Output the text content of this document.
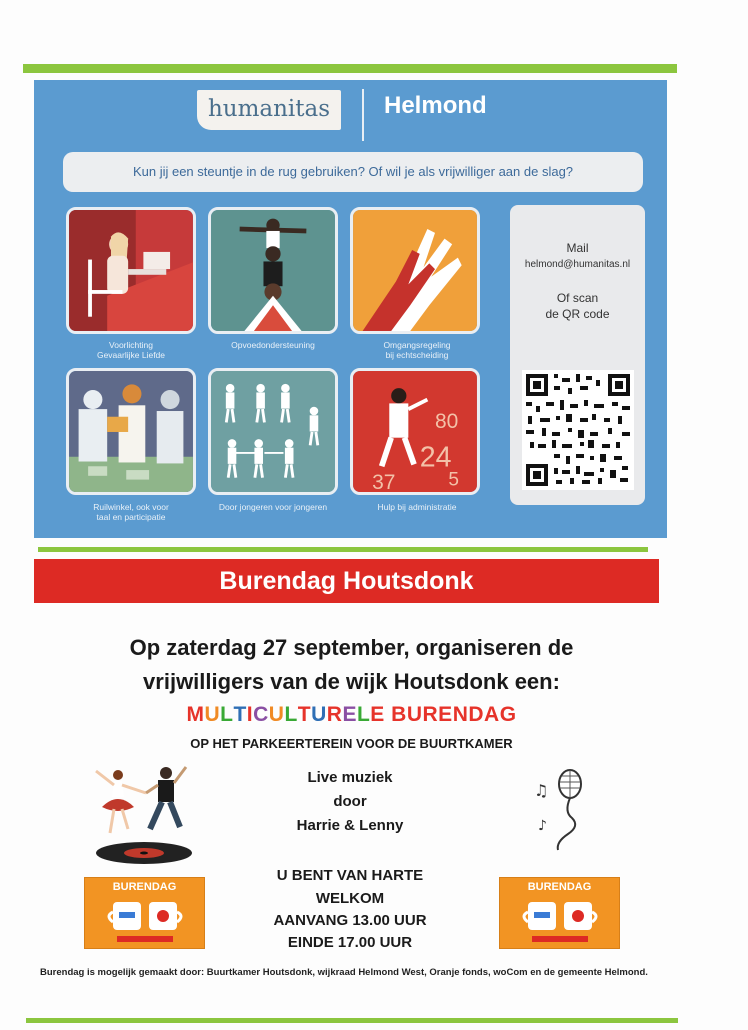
humanitas	Helmond
Kun jij een steuntje in de rug gebruiken? Of wil je als vrijwilliger aan de slag?
Voorlichting
Gevaarlijke Liefde
Opvoedondersteuning	Omgangsregeling
bij echtscheiding
Ruilwinkel, ook voor
taal en participatie
Door jongeren voor jongeren
80
24
37	5
Hulp bij administratie
Mail
helmond@humanitas.nl
Of scan
de QR code
Burendag Houtsdonk
Op zaterdag 27 september, organiseren de
vrijwilligers van de wijk Houtsdonk een:
MULTICULTURELE BURENDAG
OP HET PARKEERTEREIN VOOR DE BUURTKAMER
Live muziek
door
Harrie & Lenny
U BENT VAN HARTE
WELKOM
AANVANG 13.00 UUR
EINDE 17.00 UUR
♫
♪
BURENDAG	BURENDAG
Burendag is mogelijk gemaakt door: Buurtkamer Houtsdonk, wijkraad Helmond West, Oranje fonds, woCom en de gemeente Helmond.
